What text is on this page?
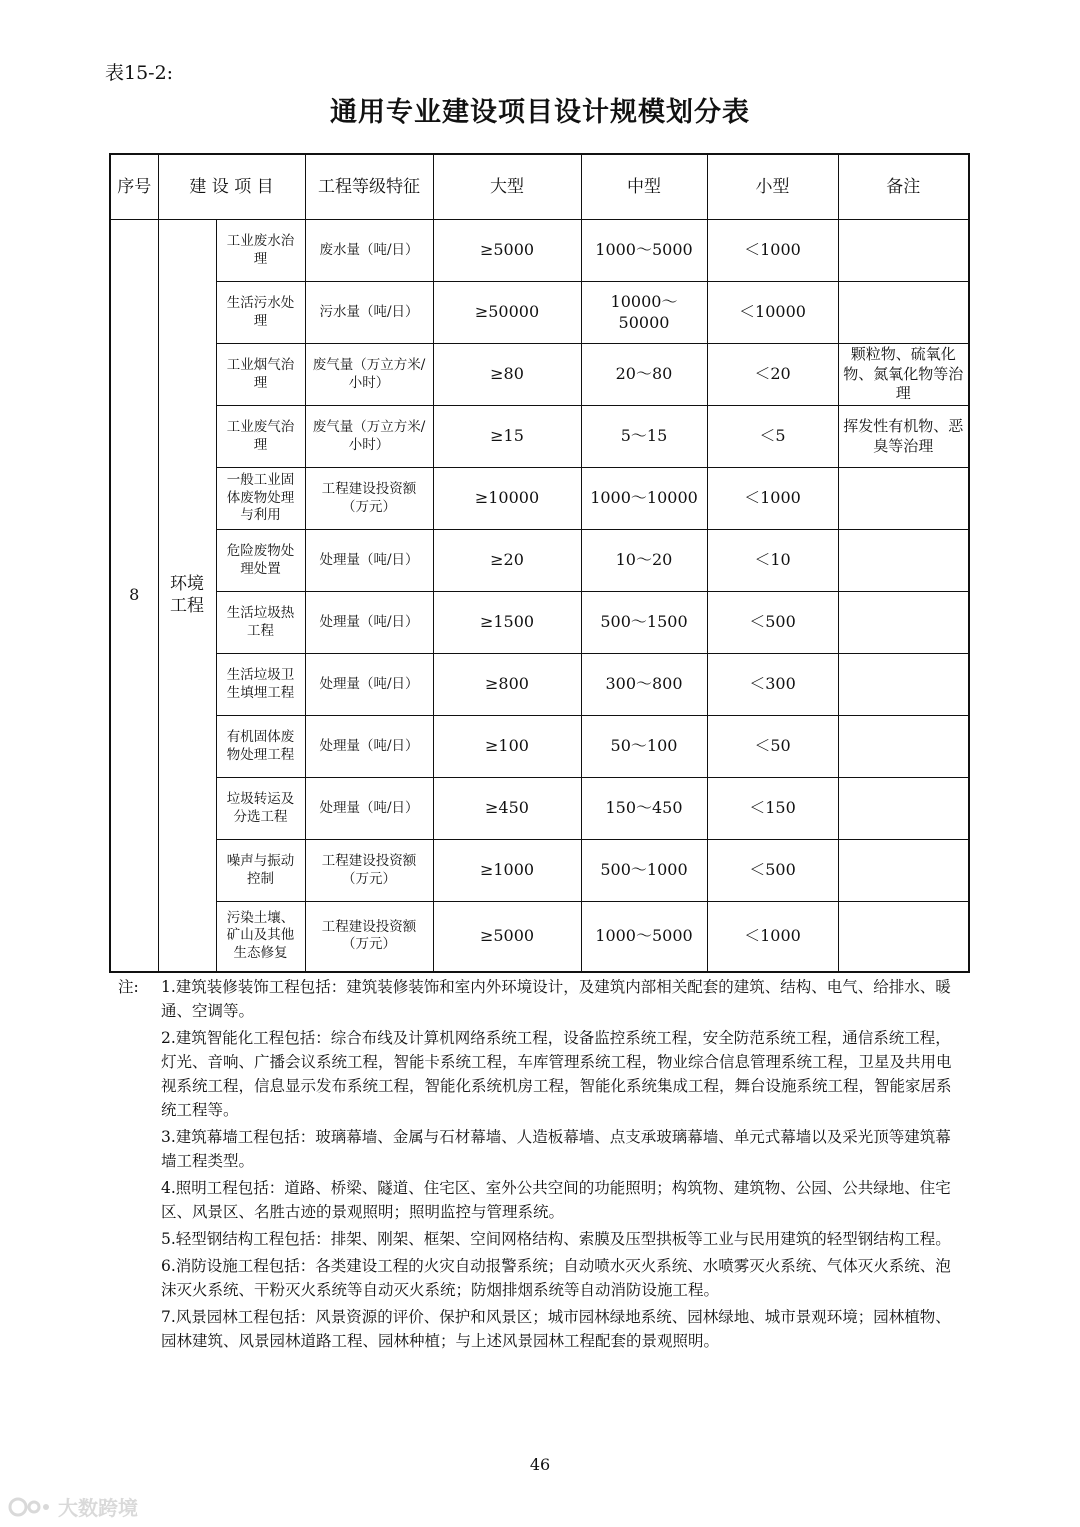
表15-2:
通用专业建设项目设计规模划分表
序号	建 设 项 目		工程等级特征	大型	中型	小型	备注
8	环境工程	工业废水治理	废水量（吨/日）	≥5000	1000～5000	＜1000	
		生活污水处理	污水量（吨/日）	≥50000	10000～50000	＜10000	
		工业烟气治理	废气量（万立方米/小时）	≥80	20～80	＜20	颗粒物、硫氧化物、氮氧化物等治理
		工业废气治理	废气量（万立方米/小时）	≥15	5～15	＜5	挥发性有机物、恶臭等治理
		一般工业固体废物处理与利用	工程建设投资额（万元）	≥10000	1000～10000	＜1000	
		危险废物处理处置	处理量（吨/日）	≥20	10～20	＜10	
		生活垃圾热工程	处理量（吨/日）	≥1500	500～1500	＜500	
		生活垃圾卫生填埋工程	处理量（吨/日）	≥800	300～800	＜300	
		有机固体废物处理工程	处理量（吨/日）	≥100	50～100	＜50	
		垃圾转运及分选工程	处理量（吨/日）	≥450	150～450	＜150	
		噪声与振动控制	工程建设投资额（万元）	≥1000	500～1000	＜500	
		污染土壤、矿山及其他生态修复	工程建设投资额（万元）	≥5000	1000～5000	＜1000	
注: 1.建筑装修装饰工程包括：建筑装修装饰和室内外环境设计，及建筑内部相关配套的建筑、结构、电气、给排水、暖通、空调等。
2.建筑智能化工程包括：综合布线及计算机网络系统工程，设备监控系统工程，安全防范系统工程，通信系统工程，灯光、音响、广播会议系统工程，智能卡系统工程，车库管理系统工程，物业综合信息管理系统工程，卫星及共用电视系统工程，信息显示发布系统工程，智能化系统机房工程，智能化系统集成工程，舞台设施系统工程，智能家居系统工程等。
3.建筑幕墙工程包括：玻璃幕墙、金属与石材幕墙、人造板幕墙、点支承玻璃幕墙、单元式幕墙以及采光顶等建筑幕墙工程类型。
4.照明工程包括：道路、桥梁、隧道、住宅区、室外公共空间的功能照明；构筑物、建筑物、公园、公共绿地、住宅区、风景区、名胜古迹的景观照明；照明监控与管理系统。
5.轻型钢结构工程包括：排架、刚架、框架、空间网格结构、索膜及压型拱板等工业与民用建筑的轻型钢结构工程。
6.消防设施工程包括：各类建设工程的火灾自动报警系统；自动喷水灭火系统、水喷雾灭火系统、气体灭火系统、泡沫灭火系统、干粉灭火系统等自动灭火系统；防烟排烟系统等自动消防设施工程。
7.风景园林工程包括：风景资源的评价、保护和风景区；城市园林绿地系统、园林绿地、城市景观环境；园林植物、园林建筑、风景园林道路工程、园林种植；与上述风景园林工程配套的景观照明。
46
大数跨境
